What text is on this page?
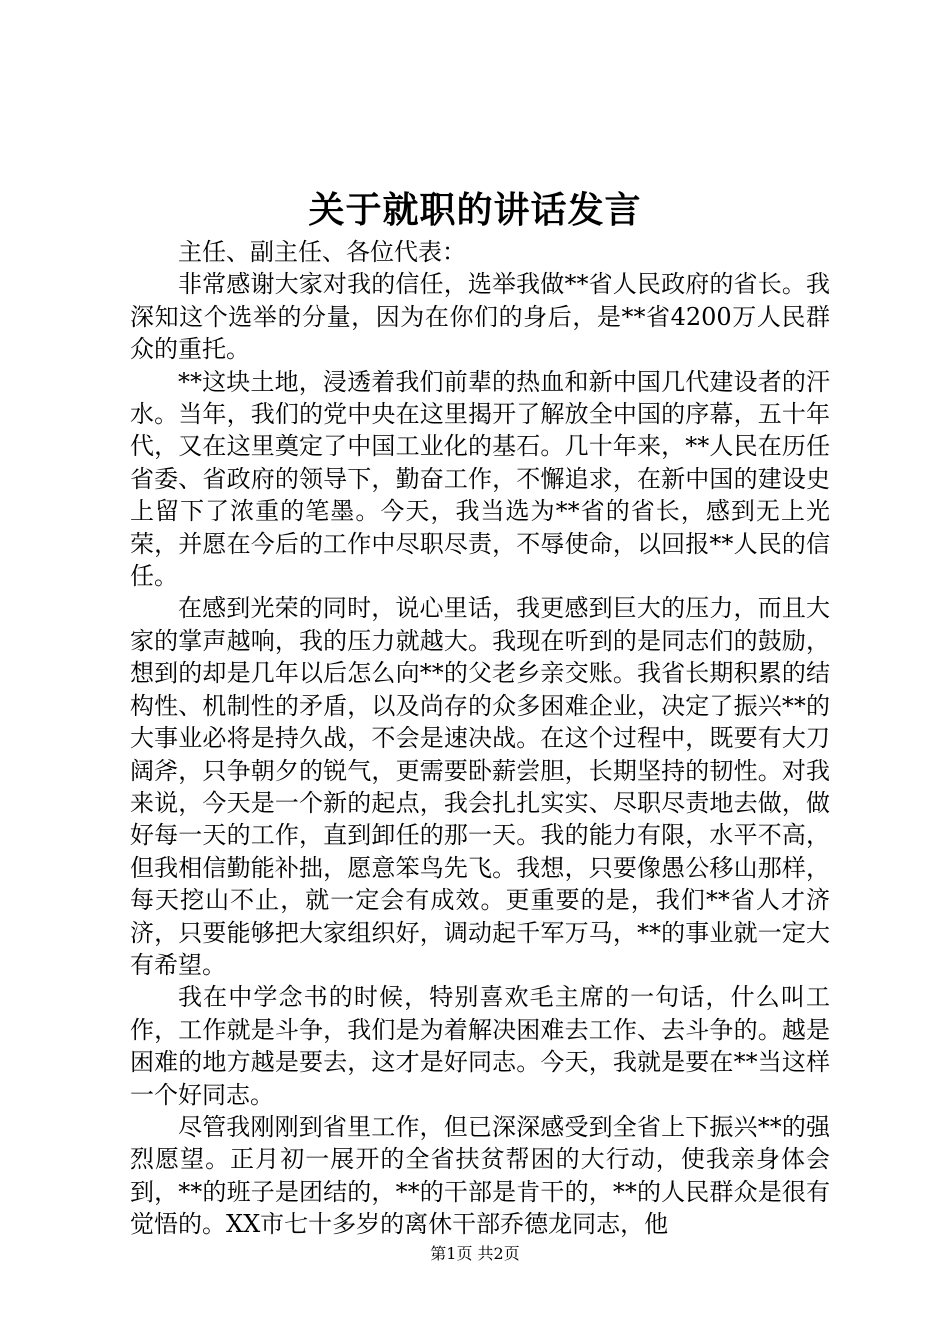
关于就职的讲话发言

主任、副主任、各位代表：

非常感谢大家对我的信任，选举我做**省人民政府的省长。我深知这个选举的分量，因为在你们的身后，是**省4200万人民群众的重托。

**这块土地，浸透着我们前辈的热血和新中国几代建设者的汗水。当年，我们的党中央在这里揭开了解放全中国的序幕，五十年代，又在这里奠定了中国工业化的基石。几十年来，**人民在历任省委、省政府的领导下，勤奋工作，不懈追求，在新中国的建设史上留下了浓重的笔墨。今天，我当选为**省的省长，感到无上光荣，并愿在今后的工作中尽职尽责，不辱使命，以回报**人民的信任。

在感到光荣的同时，说心里话，我更感到巨大的压力，而且大家的掌声越响，我的压力就越大。我现在听到的是同志们的鼓励，想到的却是几年以后怎么向**的父老乡亲交账。我省长期积累的结构性、机制性的矛盾，以及尚存的众多困难企业，决定了振兴**的大事业必将是持久战，不会是速决战。在这个过程中，既要有大刀阔斧，只争朝夕的锐气，更需要卧薪尝胆，长期坚持的韧性。对我来说，今天是一个新的起点，我会扎扎实实、尽职尽责地去做，做好每一天的工作，直到卸任的那一天。我的能力有限，水平不高，但我相信勤能补拙，愿意笨鸟先飞。我想，只要像愚公移山那样，每天挖山不止，就一定会有成效。更重要的是，我们**省人才济济，只要能够把大家组织好，调动起千军万马，**的事业就一定大有希望。

我在中学念书的时候，特别喜欢毛主席的一句话，什么叫工作，工作就是斗争，我们是为着解决困难去工作、去斗争的。越是困难的地方越是要去，这才是好同志。今天，我就是要在**当这样一个好同志。

尽管我刚刚到省里工作，但已深深感受到全省上下振兴**的强烈愿望。正月初一展开的全省扶贫帮困的大行动，使我亲身体会到，**的班子是团结的，**的干部是肯干的，**的人民群众是很有觉悟的。XX市七十多岁的离休干部乔德龙同志，他

第1页 共2页
